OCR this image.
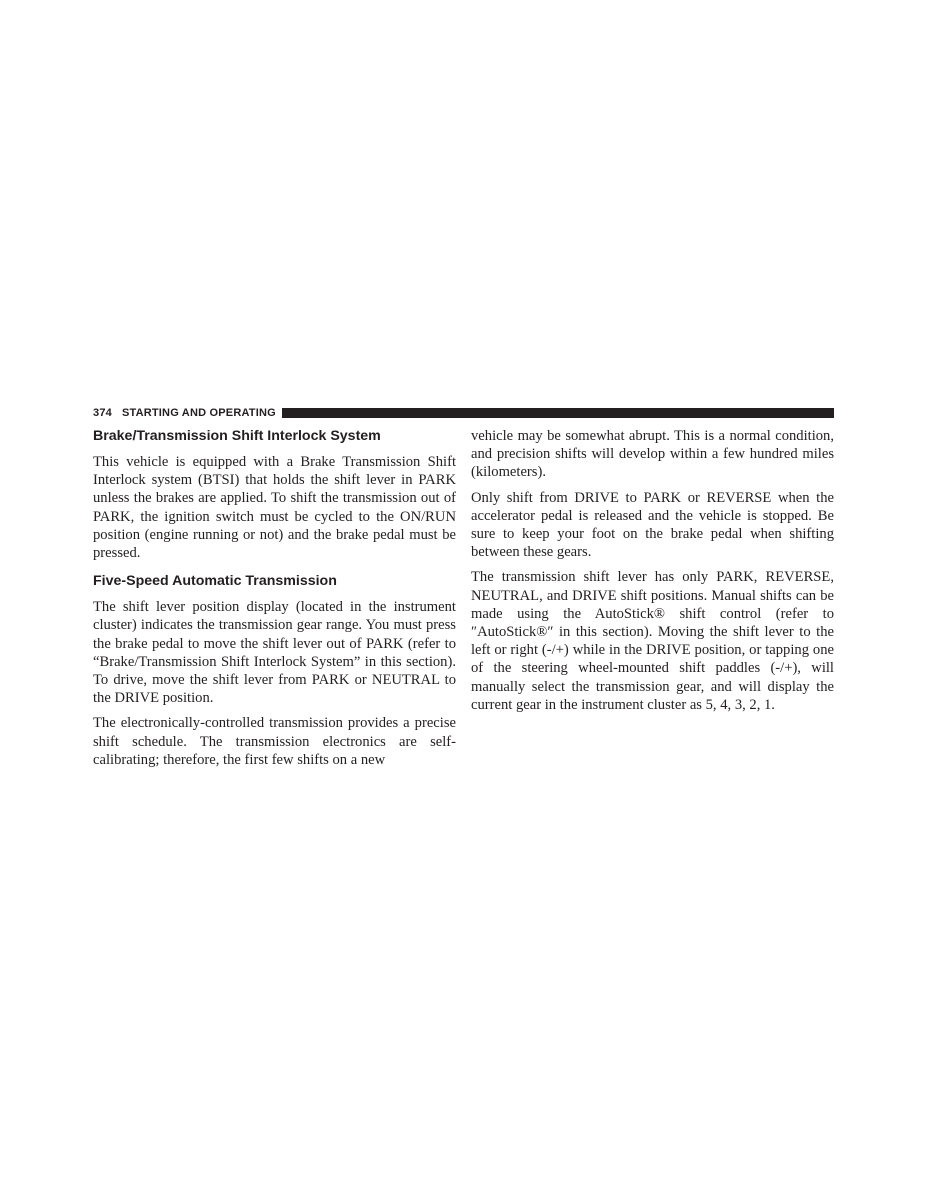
374 STARTING AND OPERATING
Brake/Transmission Shift Interlock System

This vehicle is equipped with a Brake Transmission Shift Interlock system (BTSI) that holds the shift lever in PARK unless the brakes are applied. To shift the transmission out of PARK, the ignition switch must be cycled to the ON/RUN position (engine running or not) and the brake pedal must be pressed.

Five-Speed Automatic Transmission

The shift lever position display (located in the instrument cluster) indicates the transmission gear range. You must press the brake pedal to move the shift lever out of PARK (refer to “Brake/Transmission Shift Interlock System” in this section). To drive, move the shift lever from PARK or NEUTRAL to the DRIVE position.

The electronically-controlled transmission provides a precise shift schedule. The transmission electronics are self-calibrating; therefore, the first few shifts on a new

vehicle may be somewhat abrupt. This is a normal condition, and precision shifts will develop within a few hundred miles (kilometers).

Only shift from DRIVE to PARK or REVERSE when the accelerator pedal is released and the vehicle is stopped. Be sure to keep your foot on the brake pedal when shifting between these gears.

The transmission shift lever has only PARK, REVERSE, NEUTRAL, and DRIVE shift positions. Manual shifts can be made using the AutoStick® shift control (refer to ″AutoStick®″ in this section). Moving the shift lever to the left or right (-/+) while in the DRIVE position, or tapping one of the steering wheel-mounted shift paddles (-/+), will manually select the transmission gear, and will display the current gear in the instrument cluster as 5, 4, 3, 2, 1.
